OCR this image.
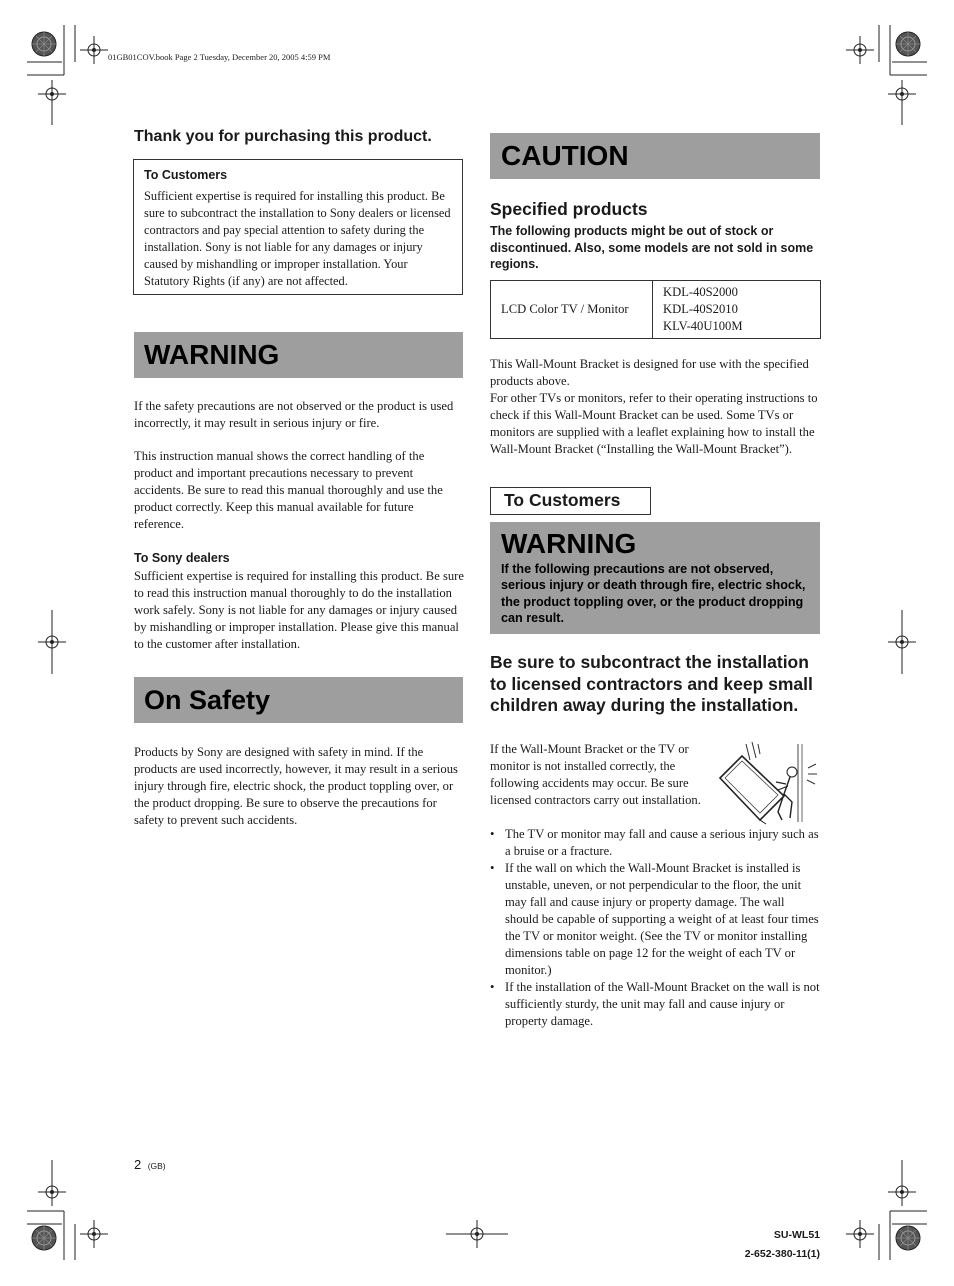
01GB01COV.book Page 2 Tuesday, December 20, 2005 4:59 PM
Thank you for purchasing this product.
To Customers

Sufficient expertise is required for installing this product. Be sure to subcontract the installation to Sony dealers or licensed contractors and pay special attention to safety during the installation. Sony is not liable for any damages or injury caused by mishandling or improper installation. Your Statutory Rights (if any) are not affected.

WARNING

If the safety precautions are not observed or the product is used incorrectly, it may result in serious injury or fire.

This instruction manual shows the correct handling of the product and important precautions necessary to prevent accidents. Be sure to read this manual thoroughly and use the product correctly. Keep this manual available for future reference.

To Sony dealers

Sufficient expertise is required for installing this product. Be sure to read this instruction manual thoroughly to do the installation work safely. Sony is not liable for any damages or injury caused by mishandling or improper installation. Please give this manual to the customer after installation.

On Safety

Products by Sony are designed with safety in mind. If the products are used incorrectly, however, it may result in a serious injury through fire, electric shock, the product toppling over, or the product dropping. Be sure to observe the precautions for safety to prevent such accidents.

CAUTION
Specified products

The following products might be out of stock or discontinued. Also, some models are not sold in some regions.

LCD Color TV / Monitor	
KDL-40S2000
KDL-40S2010
KLV-40U100M

This Wall-Mount Bracket is designed for use with the specified products above.

For other TVs or monitors, refer to their operating instructions to check if this Wall-Mount Bracket can be used. Some TVs or monitors are supplied with a leaflet explaining how to install the Wall-Mount Bracket (“Installing the Wall-Mount Bracket”).

To Customers
WARNING

If the following precautions are not observed, serious injury or death through fire, electric shock, the product toppling over, or the product dropping can result.

Be sure to subcontract the installation to licensed contractors and keep small children away during the installation.

If the Wall-Mount Bracket or the TV or monitor is not installed correctly, the following accidents may occur. Be sure licensed contractors carry out installation.

• The TV or monitor may fall and cause a serious injury such as a bruise or a fracture.
• If the wall on which the Wall-Mount Bracket is installed is unstable, uneven, or not perpendicular to the floor, the unit may fall and cause injury or property damage. The wall should be capable of supporting a weight of at least four times the TV or monitor weight. (See the TV or monitor installing dimensions table on page 12 for the weight of each TV or monitor.)
• If the installation of the Wall-Mount Bracket on the wall is not sufficiently sturdy, the unit may fall and cause injury or property damage.
2 (GB)
SU-WL51
2-652-380-11(1)
